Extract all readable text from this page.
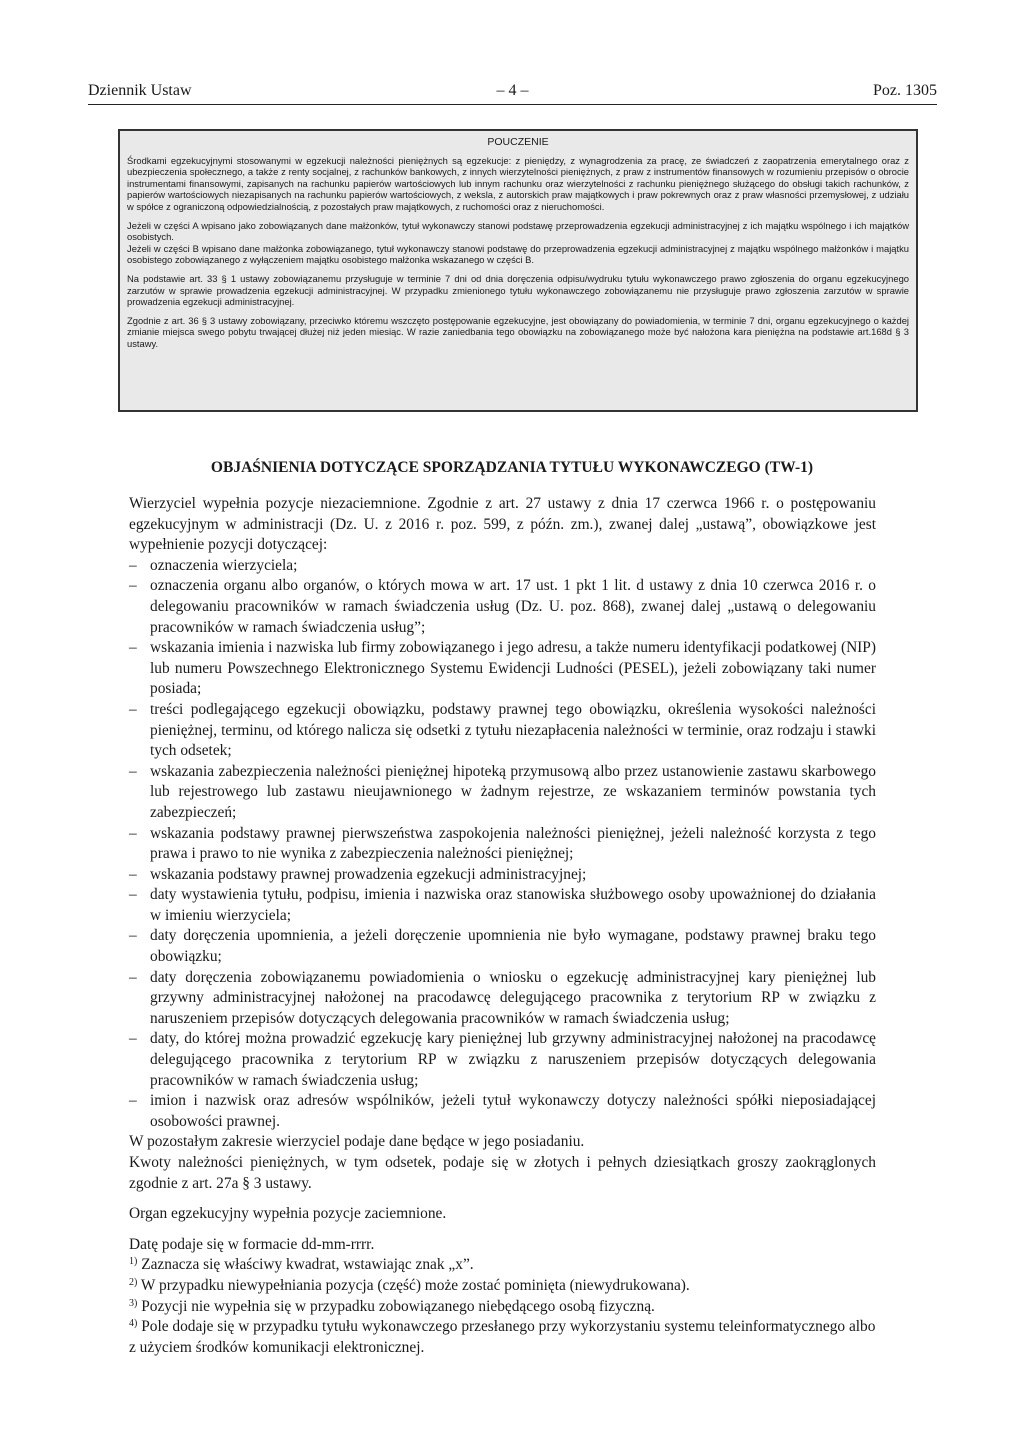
Dziennik Ustaw	– 4 –	Poz. 1305
POUCZENIE

Środkami egzekucyjnymi stosowanymi w egzekucji należności pieniężnych są egzekucje: z pieniędzy, z wynagrodzenia za pracę, ze świadczeń z zaopatrzenia emerytalnego oraz z ubezpieczenia społecznego, a także z renty socjalnej, z rachunków bankowych, z innych wierzytelności pieniężnych, z praw z instrumentów finansowych w rozumieniu przepisów o obrocie instrumentami finansowymi, zapisanych na rachunku papierów wartościowych lub innym rachunku oraz wierzytelności z rachunku pieniężnego służącego do obsługi takich rachunków, z papierów wartościowych niezapisanych na rachunku papierów wartościowych, z weksla, z autorskich praw majątkowych i praw pokrewnych oraz z praw własności przemysłowej, z udziału w spółce z ograniczoną odpowiedzialnością, z pozostałych praw majątkowych, z ruchomości oraz z nieruchomości.

Jeżeli w części A wpisano jako zobowiązanych dane małżonków, tytuł wykonawczy stanowi podstawę przeprowadzenia egzekucji administracyjnej z ich majątku wspólnego i ich majątków osobistych.

Jeżeli w części B wpisano dane małżonka zobowiązanego, tytuł wykonawczy stanowi podstawę do przeprowadzenia egzekucji administracyjnej z majątku wspólnego małżonków i majątku osobistego zobowiązanego z wyłączeniem majątku osobistego małżonka wskazanego w części B.

Na podstawie art. 33 § 1 ustawy zobowiązanemu przysługuje w terminie 7 dni od dnia doręczenia odpisu/wydruku tytułu wykonawczego prawo zgłoszenia do organu egzekucyjnego zarzutów w sprawie prowadzenia egzekucji administracyjnej. W przypadku zmienionego tytułu wykonawczego zobowiązanemu nie przysługuje prawo zgłoszenia zarzutów w sprawie prowadzenia egzekucji administracyjnej.

Zgodnie z art. 36 § 3 ustawy zobowiązany, przeciwko któremu wszczęto postępowanie egzekucyjne, jest obowiązany do powiadomienia, w terminie 7 dni, organu egzekucyjnego o każdej zmianie miejsca swego pobytu trwającej dłużej niż jeden miesiąc. W razie zaniedbania tego obowiązku na zobowiązanego może być nałożona kara pieniężna na podstawie art.168d § 3 ustawy.

OBJAŚNIENIA DOTYCZĄCE SPORZĄDZANIA TYTUŁU WYKONAWCZEGO (TW-1)

Wierzyciel wypełnia pozycje niezaciemnione. Zgodnie z art. 27 ustawy z dnia 17 czerwca 1966 r. o postępowaniu egzekucyjnym w administracji (Dz. U. z 2016 r. poz. 599, z późn. zm.), zwanej dalej „ustawą”, obowiązkowe jest wypełnienie pozycji dotyczącej:

– oznaczenia wierzyciela;
– oznaczenia organu albo organów, o których mowa w art. 17 ust. 1 pkt 1 lit. d ustawy z dnia 10 czerwca 2016 r. o delegowaniu pracowników w ramach świadczenia usług (Dz. U. poz. 868), zwanej dalej „ustawą o delegowaniu pracowników w ramach świadczenia usług”;
– wskazania imienia i nazwiska lub firmy zobowiązanego i jego adresu, a także numeru identyfikacji podatkowej (NIP) lub numeru Powszechnego Elektronicznego Systemu Ewidencji Ludności (PESEL), jeżeli zobowiązany taki numer posiada;
– treści podlegającego egzekucji obowiązku, podstawy prawnej tego obowiązku, określenia wysokości należności pieniężnej, terminu, od którego nalicza się odsetki z tytułu niezapłacenia należności w terminie, oraz rodzaju i stawki tych odsetek;
– wskazania zabezpieczenia należności pieniężnej hipoteką przymusową albo przez ustanowienie zastawu skarbowego lub rejestrowego lub zastawu nieujawnionego w żadnym rejestrze, ze wskazaniem terminów powstania tych zabezpieczeń;
– wskazania podstawy prawnej pierwszeństwa zaspokojenia należności pieniężnej, jeżeli należność korzysta z tego prawa i prawo to nie wynika z zabezpieczenia należności pieniężnej;
– wskazania podstawy prawnej prowadzenia egzekucji administracyjnej;
– daty wystawienia tytułu, podpisu, imienia i nazwiska oraz stanowiska służbowego osoby upoważnionej do działania w imieniu wierzyciela;
– daty doręczenia upomnienia, a jeżeli doręczenie upomnienia nie było wymagane, podstawy prawnej braku tego obowiązku;
– daty doręczenia zobowiązanemu powiadomienia o wniosku o egzekucję administracyjnej kary pieniężnej lub grzywny administracyjnej nałożonej na pracodawcę delegującego pracownika z terytorium RP w związku z naruszeniem przepisów dotyczących delegowania pracowników w ramach świadczenia usług;
– daty, do której można prowadzić egzekucję kary pieniężnej lub grzywny administracyjnej nałożonej na pracodawcę delegującego pracownika z terytorium RP w związku z naruszeniem przepisów dotyczących delegowania pracowników w ramach świadczenia usług;
– imion i nazwisk oraz adresów wspólników, jeżeli tytuł wykonawczy dotyczy należności spółki nieposiadającej osobowości prawnej.

W pozostałym zakresie wierzyciel podaje dane będące w jego posiadaniu.

Kwoty należności pieniężnych, w tym odsetek, podaje się w złotych i pełnych dziesiątkach groszy zaokrąglonych zgodnie z art. 27a § 3 ustawy.

Organ egzekucyjny wypełnia pozycje zaciemnione.

Datę podaje się w formacie dd-mm-rrrr.

$^{1)}$ Zaznacza się właściwy kwadrat, wstawiając znak „x”.

$^{2)}$ W przypadku niewypełniania pozycja (część) może zostać pominięta (niewydrukowana).

$^{3)}$ Pozycji nie wypełnia się w przypadku zobowiązanego niebędącego osobą fizyczną.

$^{4)}$ Pole dodaje się w przypadku tytułu wykonawczego przesłanego przy wykorzystaniu systemu teleinformatycznego albo z użyciem środków komunikacji elektronicznej.
